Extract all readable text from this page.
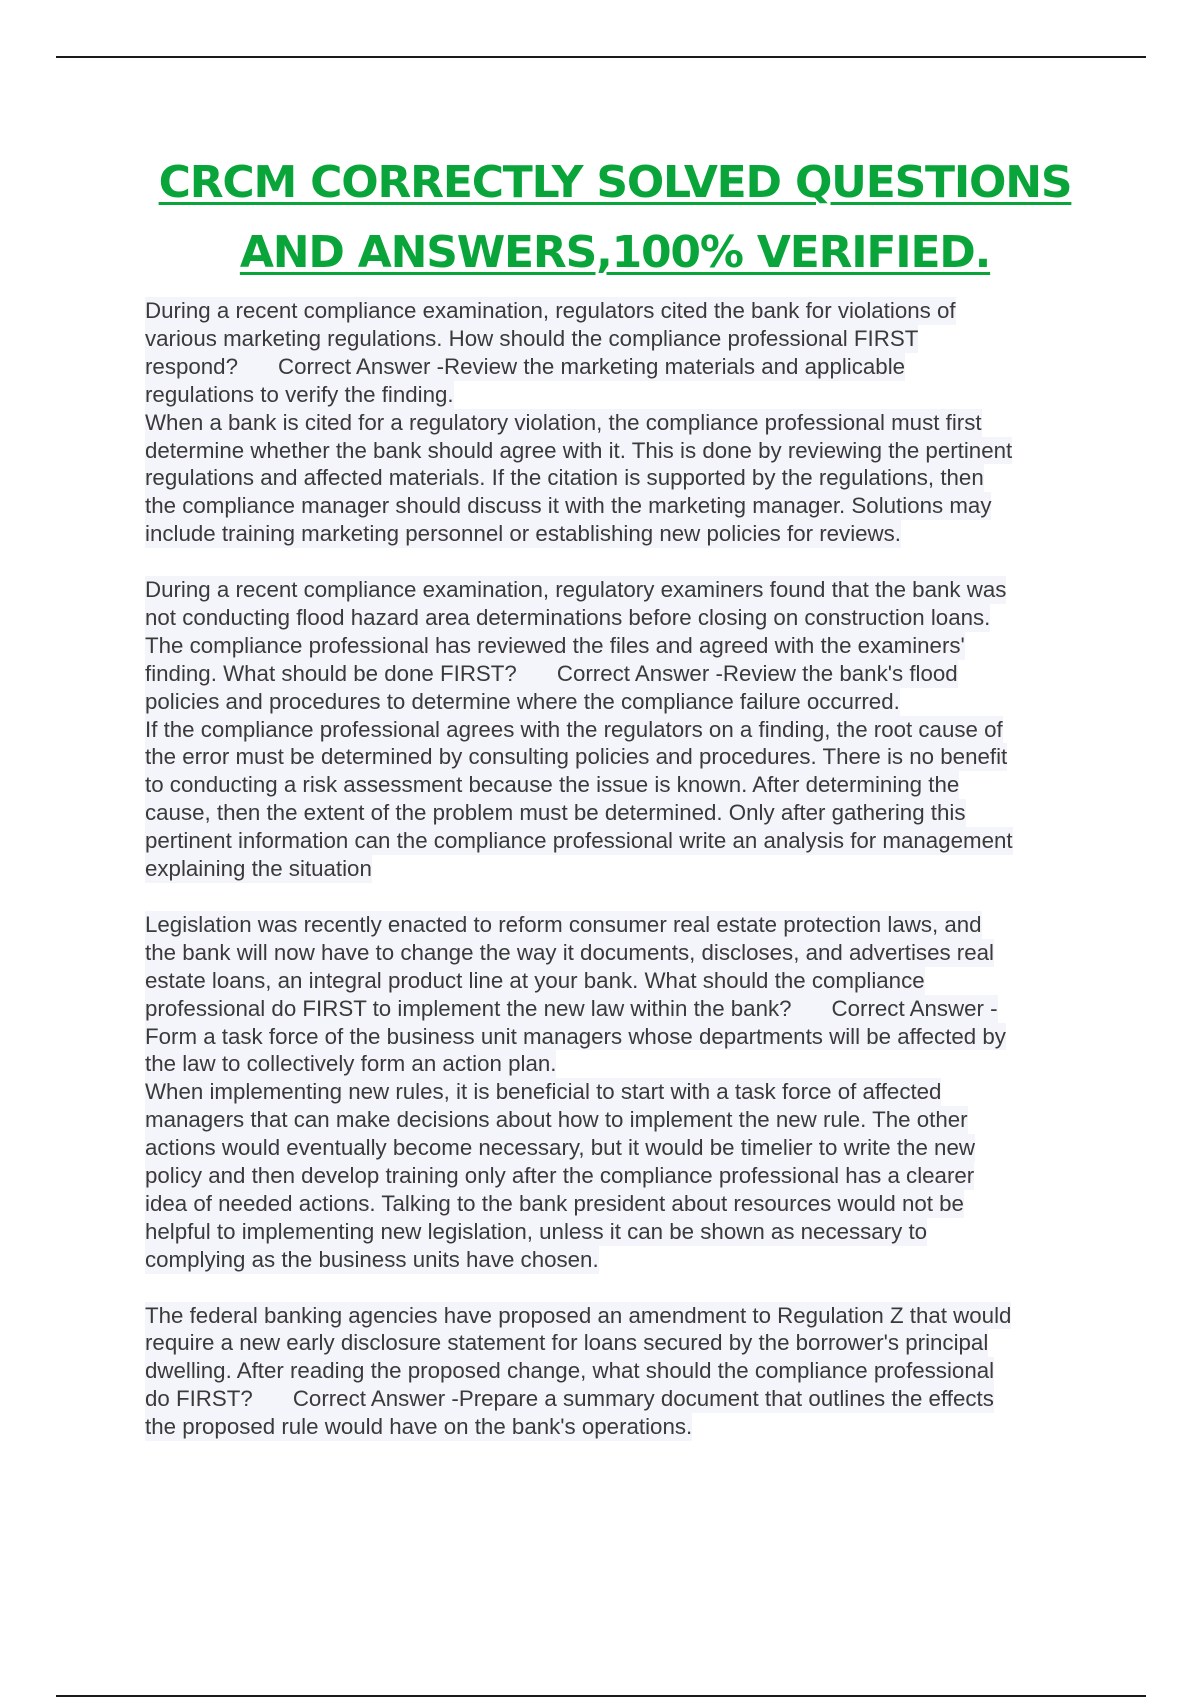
CRCM CORRECTLY SOLVED QUESTIONS
AND ANSWERS,100% VERIFIED.
During a recent compliance examination, regulators cited the bank for violations of
various marketing regulations. How should the compliance professional FIRST
respond? Correct Answer -Review the marketing materials and applicable
regulations to verify the finding.
When a bank is cited for a regulatory violation, the compliance professional must first
determine whether the bank should agree with it. This is done by reviewing the pertinent
regulations and affected materials. If the citation is supported by the regulations, then
the compliance manager should discuss it with the marketing manager. Solutions may
include training marketing personnel or establishing new policies for reviews.
During a recent compliance examination, regulatory examiners found that the bank was
not conducting flood hazard area determinations before closing on construction loans.
The compliance professional has reviewed the files and agreed with the examiners'
finding. What should be done FIRST? Correct Answer -Review the bank's flood
policies and procedures to determine where the compliance failure occurred.
If the compliance professional agrees with the regulators on a finding, the root cause of
the error must be determined by consulting policies and procedures. There is no benefit
to conducting a risk assessment because the issue is known. After determining the
cause, then the extent of the problem must be determined. Only after gathering this
pertinent information can the compliance professional write an analysis for management
explaining the situation
Legislation was recently enacted to reform consumer real estate protection laws, and
the bank will now have to change the way it documents, discloses, and advertises real
estate loans, an integral product line at your bank. What should the compliance
professional do FIRST to implement the new law within the bank? Correct Answer -
Form a task force of the business unit managers whose departments will be affected by
the law to collectively form an action plan.
When implementing new rules, it is beneficial to start with a task force of affected
managers that can make decisions about how to implement the new rule. The other
actions would eventually become necessary, but it would be timelier to write the new
policy and then develop training only after the compliance professional has a clearer
idea of needed actions. Talking to the bank president about resources would not be
helpful to implementing new legislation, unless it can be shown as necessary to
complying as the business units have chosen.
The federal banking agencies have proposed an amendment to Regulation Z that would
require a new early disclosure statement for loans secured by the borrower's principal
dwelling. After reading the proposed change, what should the compliance professional
do FIRST? Correct Answer -Prepare a summary document that outlines the effects
the proposed rule would have on the bank's operations.
